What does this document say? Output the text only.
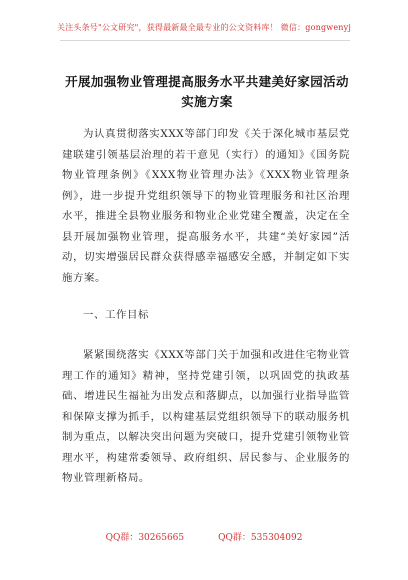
关注头条号"公文研究"，获得最新最全最专业的公文资料库！ 微信：gongwenyj
开展加强物业管理提高服务水平共建美好家园活动实施方案
为认真贯彻落实XXX等部门印发《关于深化城市基层党建联建引领基层治理的若干意见（实行）的通知》《国务院物业管理条例》《XXX物业管理办法》《XXX物业管理条例》，进一步提升党组织领导下的物业管理服务和社区治理水平，推进全县物业服务和物业企业党建全覆盖，决定在全县开展加强物业管理，提高服务水平，共建“美好家园”活动，切实增强居民群众获得感幸福感安全感，并制定如下实施方案。
一、工作目标
紧紧围绕落实《XXX等部门关于加强和改进住宅物业管理工作的通知》精神，坚持党建引领，以巩固党的执政基础、增进民生福祉为出发点和落脚点，以加强行业指导监管和保障支撑为抓手，以构建基层党组织领导下的联动服务机制为重点，以解决突出问题为突破口，提升党建引领物业管理水平，构建常委领导、政府组织、居民参与、企业服务的物业管理新格局。
QQ群：30265665	QQ群：535304092
